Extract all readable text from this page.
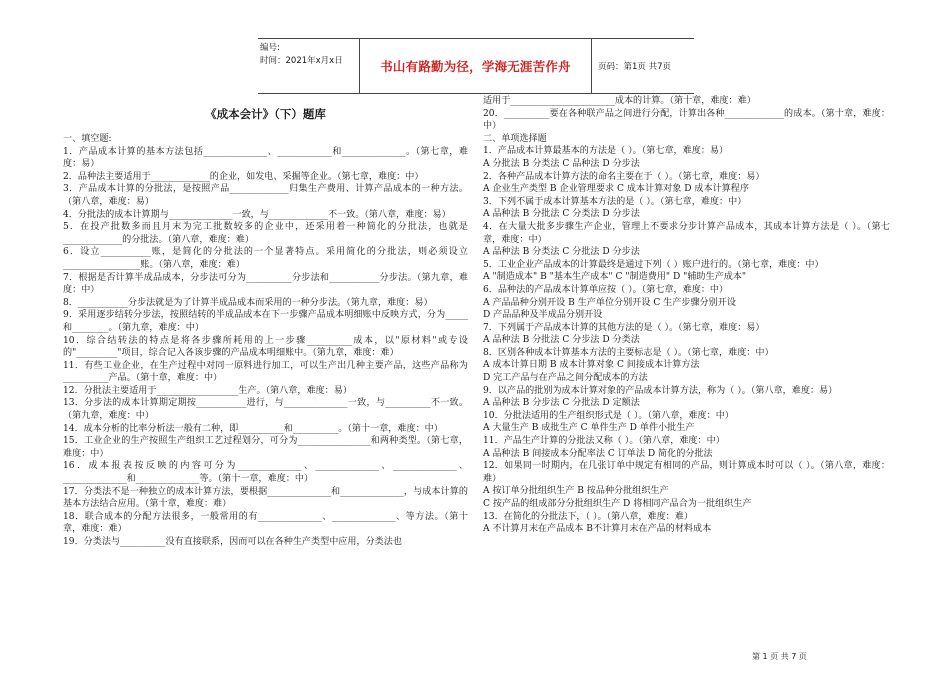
编号:
时间：2021年x月x日	书山有路勤为径，学海无涯苦作舟	页码：第1页 共7页
《成本会计》（下）题库

一、填空题:

1．产品成本计算的基本方法包括______________、____________和______________。（第七章，难度：易）

2．品种法主要适用于_____________的企业，如发电、采掘等企业。（第七章，难度：中）

3．产品成本计算的分批法，是按照产品_____________归集生产费用、计算产品成本的一种方法。（第八章，难度：易）

4．分批法的成本计算期与______________一致，与_____________不一致。（第八章，难度：易）

5．在投产批数多而且月末为完工批数较多的企业中，还采用着一种简化的分批法，也就是_____________的分批法。（第八章，难度：难）

6．设立___________账，是简化的分批法的一个显著特点。采用简化的分批法，则必须设立_________________账。（第八章，难度：难）

7．根据是否计算半成品成本，分步法可分为__________分步法和___________分步法。（第九章，难度：中）

8．___________分步法就是为了计算半成品成本而采用的一种分步法。（第九章，难度：易）

9．采用逐步结转分步法，按照结转的半成品成本在下一步骤产品成本明细账中反映方式，分为_____和________。（第九章，难度：中）

10．综合结转法的特点是将各步骤所耗用的上一步骤__________成本，以"原材料"或专设的"_________"项目，综合记入各该步骤的产品成本明细账中。（第九章，难度：难）

11．有些工业企业，在生产过程中对同一原料进行加工，可以生产出几种主要产品，这些产品称为__________产品。（第十章，难度：中）

12．分批法主要适用于__________________生产。（第八章，难度：易）

13．分步法的成本计算期定期按___________进行，与______________一致，与__________不一致。（第九章，难度：中）

14．成本分析的比率分析法一般有二种，即__________和__________。（第十一章，难度：中）

15．工业企业的生产按照生产组织工艺过程划分，可分为________________和两种类型。（第七章，难度：中）

16．成本报表按反映的内容可分为______________、______________、______________、______________和______________等。（第十一章，难度：中）

17．分类法不是一种独立的成本计算方法，要根据______________和______________，与成本计算的基本方法结合应用。（第十章，难度：难）

18．联合成本的分配方法很多，一般常用的有______________、______________、等方法。（第十章，难度：难）

19．分类法与__________没有直接联系，因而可以在各种生产类型中应用，分类法也

适用于_______________________成本的计算。（第十章，难度：难）

20．__________要在各种联产品之间进行分配，计算出各种_____________的成本。（第十章，难度：中）

二、单项选择题

1．产品成本计算最基本的方法是（ ）。（第七章，难度：易）

A 分批法 B 分类法 C 品种法 D 分步法

2．各种产品成本计算方法的命名主要在于（ ）。（第七章，难度：易）

A 企业生产类型 B 企业管理要求 C 成本计算对象 D 成本计算程序

3．下列不属于成本计算基本方法的是（ ）。（第七章，难度：中）

A 品种法 B 分批法 C 分类法 D 分步法

4．在大量大批多步骤生产企业，管理上不要求分步计算产品成本，其成本计算方法是（ ）。（第七章，难度：中）

A 品种法 B 分类法 C 分批法 D 分步法

5．工业企业产品成本的计算最终是通过下列（ ）账户进行的。（第七章，难度：中）

A "制造成本" B "基本生产成本" C "制造费用" D "辅助生产成本"

6．品种法的产品成本计算单应按（ ）。（第七章，难度：中）

A 产品品种分别开设 B 生产单位分别开设 C 生产步骤分别开设

D 产品品种及半成品分别开设

7．下列属于产品成本计算的其他方法的是（ ）。（第七章，难度：易）

A 品种法 B 分批法 C 分步法 D 分类法

8．区别各种成本计算基本方法的主要标志是（ ）。（第七章，难度：中）

A 成本计算日期 B 成本计算对象 C 间接成本计算方法

D 完工产品与在产品之间分配成本的方法

9．以产品的批别为成本计算对象的产品成本计算方法，称为（ ）。（第八章，难度：易）

A 品种法 B 分步法 C 分批法 D 定额法

10．分批法适用的生产组织形式是（ ）。（第八章，难度：中）

A 大量生产 B 成批生产 C 单件生产 D 单件小批生产

11．产品生产计算的分批法又称（ ）。（第八章，难度：中）

A 品种法 B 间接成本分配率法 C 订单法 D 简化的分批法

12．如果同一时期内，在几张订单中规定有相同的产品，则计算成本时可以（ ）。（第八章，难度：难）

A 按订单分批组织生产 B 按品种分批组织生产

C 按产品的组成部分分批组织生产 D 将相同产品合为一批组织生产

13．在简化的分批法下，（ ）。（第八章，难度：难）

A 不计算月末在产品成本 B不计算月末在产品的材料成本

第 1 页 共 7 页
